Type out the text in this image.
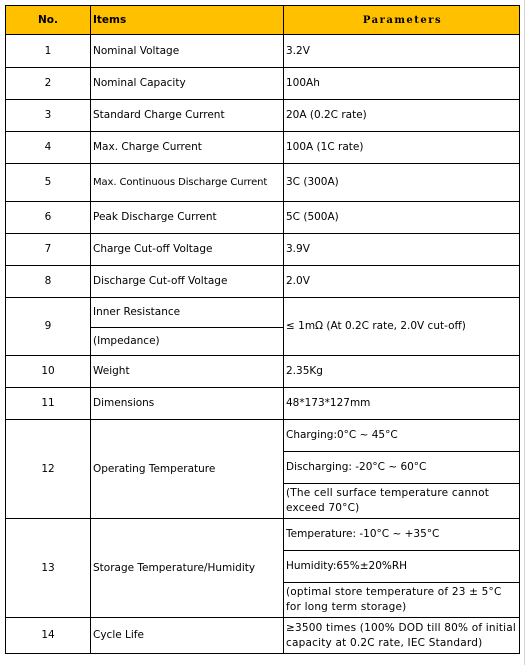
No.	Items	Parameters
1	Nominal Voltage	3.2V
2	Nominal Capacity	100Ah
3	Standard Charge Current	20A (0.2C rate)
4	Max. Charge Current	100A (1C rate)
5	Max. Continuous Discharge Current	3C (300A)
6	Peak Discharge Current	5C (500A)
7	Charge Cut-off Voltage	3.9V
8	Discharge Cut-off Voltage	2.0V
9	Inner Resistance	≤ 1mΩ (At 0.2C rate, 2.0V cut-off)
	(Impedance)	
10	Weight	2.35Kg
11	Dimensions	48*173*127mm
12	Operating Temperature	Charging:0°C ~ 45°C
		Discharging: -20°C ~ 60°C
		(The cell surface temperature cannot exceed 70°C)
13	Storage Temperature/Humidity	Temperature: -10°C ~ +35°C
		Humidity:65%±20%RH
		(optimal store temperature of 23 ± 5°C for long term storage)
14	Cycle Life	≥3500 times (100% DOD till 80% of initial capacity at 0.2C rate, IEC Standard)
